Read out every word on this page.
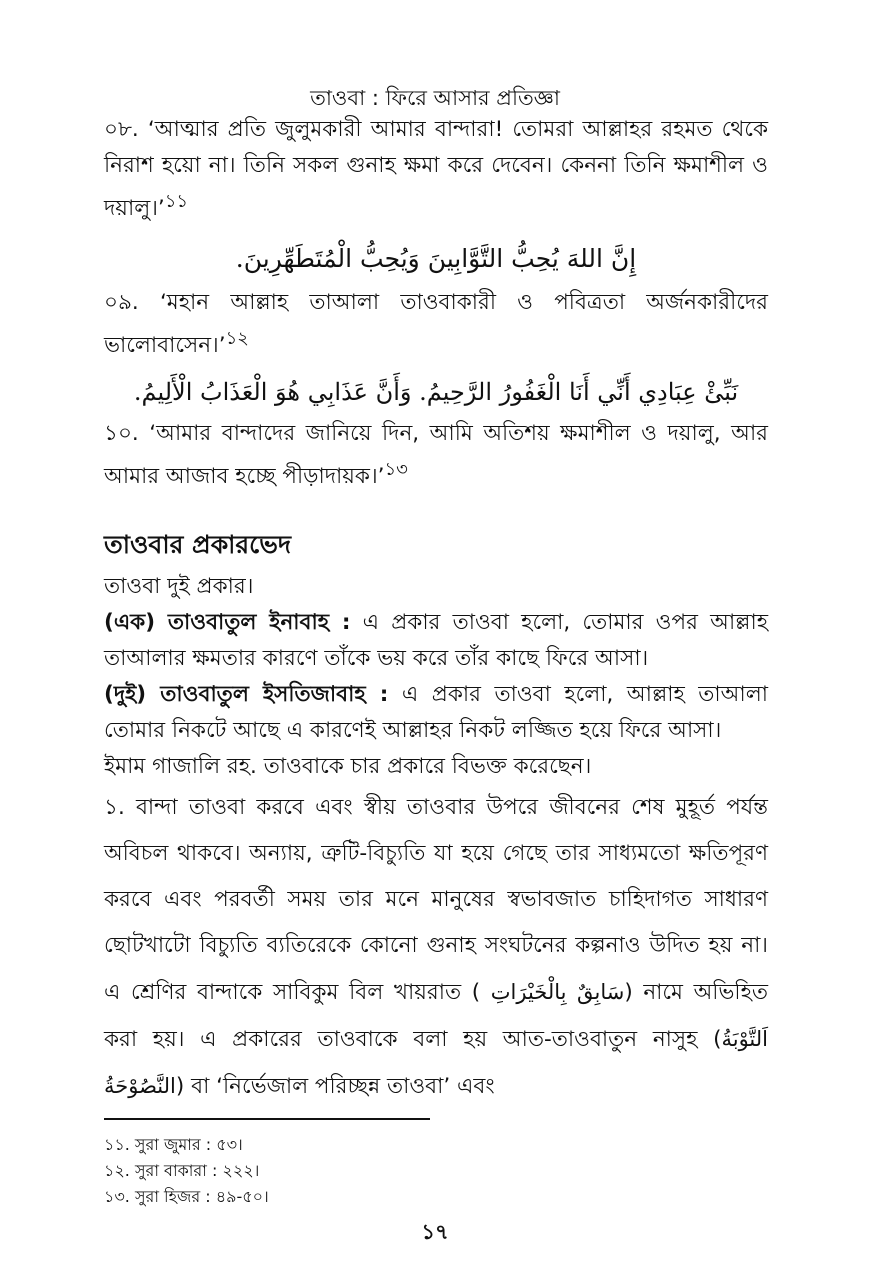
তাওবা : ফিরে আসার প্রতিজ্ঞা

০৮. ‘আত্মার প্রতি জুলুমকারী আমার বান্দারা! তোমরা আল্লাহর রহমত থেকে নিরাশ হয়ো না। তিনি সকল গুনাহ ক্ষমা করে দেবেন। কেননা তিনি ক্ষমাশীল ও দয়ালু।’$^{১১}$

إِنَّ اللهَ يُحِبُّ التَّوَّابِينَ وَيُحِبُّ الْمُتَطَهِّرِينَ.

০৯. ‘মহান আল্লাহ তাআলা তাওবাকারী ও পবিত্রতা অর্জনকারীদের ভালোবাসেন।’$^{১২}$

نَبِّئْ عِبَادِي أَنِّي أَنَا الْغَفُورُ الرَّحِيمُ. وَأَنَّ عَذَابِي هُوَ الْعَذَابُ الْأَلِيمُ.

১০. ‘আমার বান্দাদের জানিয়ে দিন, আমি অতিশয় ক্ষমাশীল ও দয়ালু, আর আমার আজাব হচ্ছে পীড়াদায়ক।’$^{১৩}$

তাওবার প্রকারভেদ

তাওবা দুই প্রকার।

(এক) তাওবাতুল ইনাবাহ : এ প্রকার তাওবা হলো, তোমার ওপর আল্লাহ তাআলার ক্ষমতার কারণে তাঁকে ভয় করে তাঁর কাছে ফিরে আসা।

(দুই) তাওবাতুল ইসতিজাবাহ : এ প্রকার তাওবা হলো, আল্লাহ তাআলা তোমার নিকটে আছে এ কারণেই আল্লাহর নিকট লজ্জিত হয়ে ফিরে আসা।

ইমাম গাজালি রহ. তাওবাকে চার প্রকারে বিভক্ত করেছেন।

১. বান্দা তাওবা করবে এবং স্বীয় তাওবার উপরে জীবনের শেষ মুহূর্ত পর্যন্ত অবিচল থাকবে। অন্যায়, ত্রুটি-বিচ্যুতি যা হয়ে গেছে তার সাধ্যমতো ক্ষতিপূরণ করবে এবং পরবর্তী সময় তার মনে মানুষের স্বভাবজাত চাহিদাগত সাধারণ ছোটখাটো বিচ্যুতি ব্যতিরেকে কোনো গুনাহ সংঘটনের কল্পনাও উদিত হয় না। এ শ্রেণির বান্দাকে সাবিকুম বিল খায়রাত ( سَابِقٌ بِالْخَيْرَاتِ) নামে অভিহিত করা হয়। এ প্রকারের তাওবাকে বলা হয় আত-তাওবাতুন নাসুহ (اَلتَّوْبَةُ النَّصُوْحَةُ) বা ‘নির্ভেজাল পরিচ্ছন্ন তাওবা’ এবং

১১. সুরা জুমার : ৫৩।
১২. সুরা বাকারা : ২২২।
১৩. সুরা হিজর : ৪৯-৫০।
১৭
